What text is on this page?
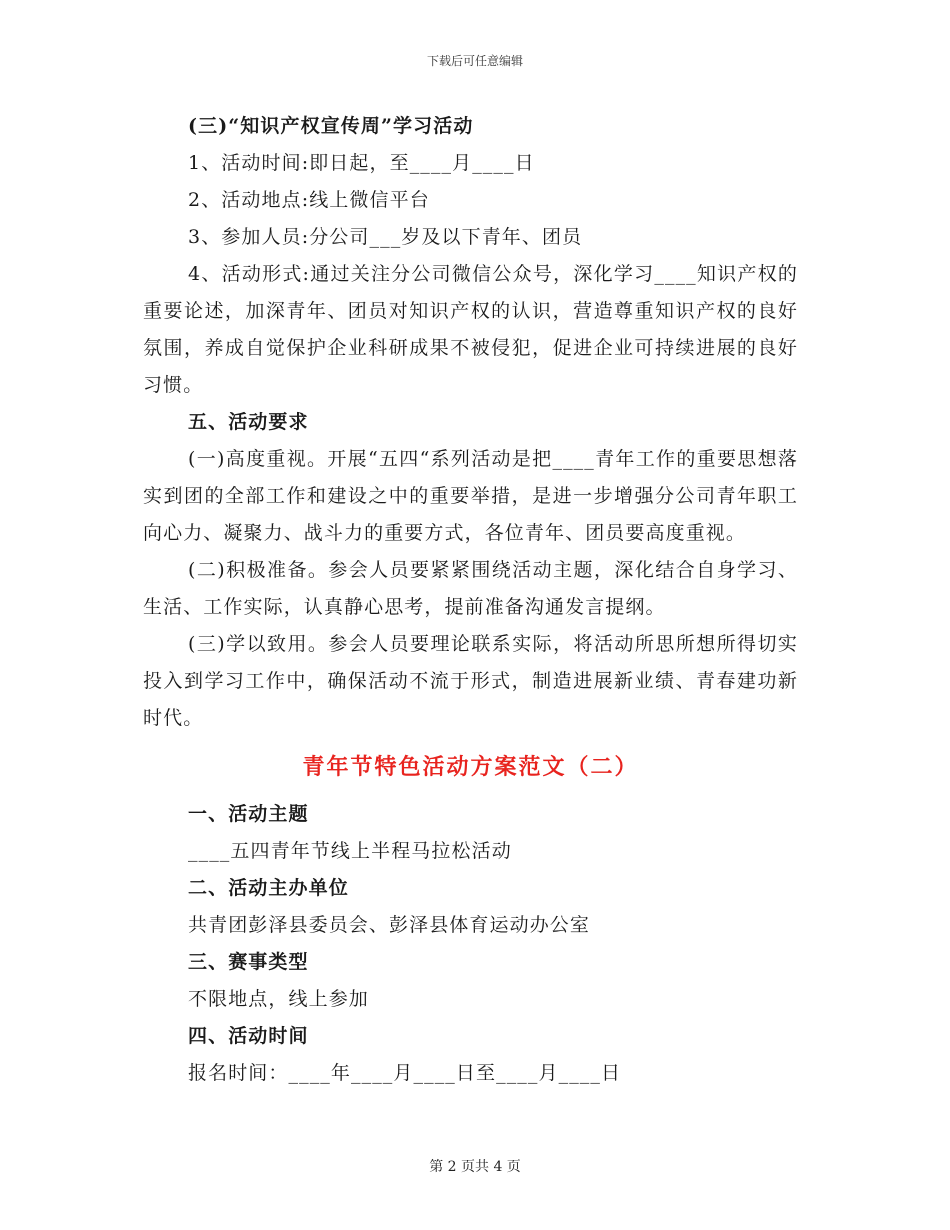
下载后可任意编辑
(三)“知识产权宣传周”学习活动
1、活动时间:即日起，至____月____日
2、活动地点:线上微信平台
3、参加人员:分公司___岁及以下青年、团员

4、活动形式:通过关注分公司微信公众号，深化学习____知识产权的重要论述，加深青年、团员对知识产权的认识，营造尊重知识产权的良好氛围，养成自觉保护企业科研成果不被侵犯，促进企业可持续进展的良好习惯。

五、活动要求

(一)高度重视。开展“五四“系列活动是把____青年工作的重要思想落实到团的全部工作和建设之中的重要举措，是进一步增强分公司青年职工向心力、凝聚力、战斗力的重要方式，各位青年、团员要高度重视。

(二)积极准备。参会人员要紧紧围绕活动主题，深化结合自身学习、生活、工作实际，认真静心思考，提前准备沟通发言提纲。

(三)学以致用。参会人员要理论联系实际，将活动所思所想所得切实投入到学习工作中，确保活动不流于形式，制造进展新业绩、青春建功新时代。

青年节特色活动方案范文（二）
一、活动主题
____五四青年节线上半程马拉松活动
二、活动主办单位
共青团彭泽县委员会、彭泽县体育运动办公室
三、赛事类型
不限地点，线上参加
四、活动时间
报名时间：____年____月____日至____月____日
第 2 页共 4 页
